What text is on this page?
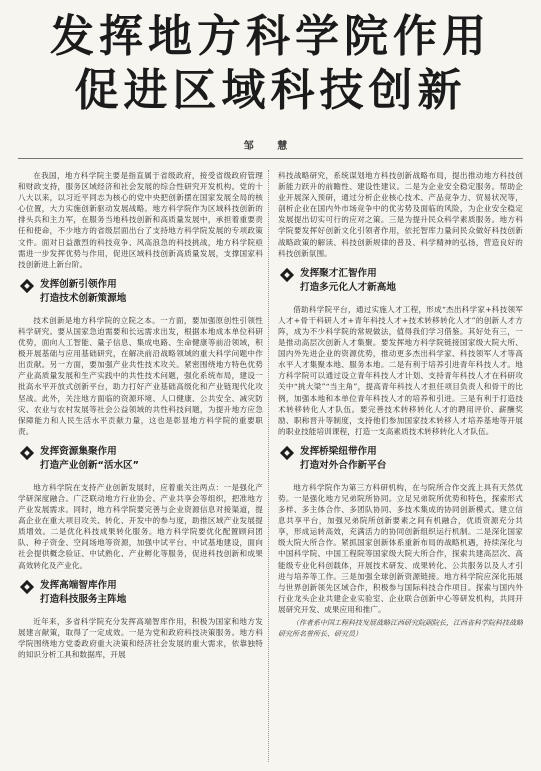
发挥地方科学院作用
促进区域科技创新
邹 慧

在我国，地方科学院主要是指直属于省级政府，接受省级政府管理和财政支持，服务区域经济和社会发展的综合性研究开发机构。党的十八大以来，以习近平同志为核心的党中央把创新摆在国家发展全局的核心位置，大力实施创新驱动发展战略。地方科学院作为区域科技创新的排头兵和主力军，在服务当地科技创新和高质量发展中，承担着重要责任和使命，不少地方的省级层面出台了支持地方科学院发展的专项政策文件。面对日益激烈的科技竞争、风高浪急的科技挑战，地方科学院亟需进一步发挥优势与作用，促进区域科技创新高质量发展，支撑国家科技创新进上新台阶。

发挥创新引领作用
打造技术创新策源地

技术创新是地方科学院的立院之本。一方面，要加强原创性引领性科学研究。要从国家急迫需要和长远需求出发，根据本地成本单位科研优势，面向人工智能、量子信息、集成电路、生命健康等前沿领域，积极开展基础与应用基础研究，在解决前沿战略领域的重大科学问题中作出贡献。另一方面，要加强产业共性技术攻关。紧密围绕地方特色优势产业高质量发展和生产实践中的共性技术问题，强化系统布局，建设一批高水平开放式创新平台，助力打好产业基础高级化和产业链现代化攻坚战。此外，关注地方面临的资源环境、人口健康、公共安全、减灾防灾、农业与农村发展等社会公益领域的共性科技问题，为提升地方应急保障能力和人民生活水平贡献力量，这也是彰显地方科学院的重要职责。

发挥资源集聚作用
打造产业创新“活水区”

地方科学院在支持产业创新发展时，应着重关注两点：一是强化产学研深度融合。广泛联动地方行业协会、产业共享会等组织，把准地方产业发展需求。同时，地方科学院要完善与企业资源信息对接渠道，提高企业在重大项目攻关、转化、开发中的参与度，助推区域产业发展提质增效。二是优化科技成果转化服务。地方科学院要优化配置顾问团队、种子资金、空间场地等资源，加强中试平台、中试基地建设，面向社会提供概念验证、中试熟化、产业孵化等服务，促进科技创新和成果高效转化及产业化。

发挥高端智库作用
打造科技服务主阵地

近年来，多省科学院充分发挥高端智库作用，积极为国家和地方发展建言献策，取得了一定成效。一是为党和政府科技决策服务。地方科学院围绕地方党委政府重大决策和经济社会发展的重大需求，依靠独特的知识分析工具和数据库，开展

科技战略研究，系统谋划地方科技创新战略布局，提出推动地方科技创新能力跃升的前瞻性、建设性建议。二是为企业安全稳定服务。帮助企业开展深入预研，通过分析企业核心技术、产品竞争力、贸易状况等，剖析企业在国内外市场竞争中的优劣势及面临的风险，为企业安全稳定发展提出切实可行的应对之策。三是为提升民众科学素质服务。地方科学院要发挥好创新文化引领者作用，依托智库力量问民众做好科技创新战略政策的解读、科技创新规律的普及、科学精神的弘扬，营造良好的科技创新氛围。

发挥聚才汇智作用
打造多元化人才新高地

借助科学院平台，通过实施人才工程，形成“杰出科学家+科技领军人才+骨干科研人才+青年科技人才+技术转移转化人才”的创新人才方阵，成为不少科学院的常规做法，值得我们学习借鉴。其好处有三，一是推动高层次创新人才集聚。要发挥地方科学院链接国家级大院大所、国内外先进企业的资源优势，推动更多杰出科学家、科技领军人才等高水平人才集聚本地、服务本地。二是有利于培养引进青年科技人才。地方科学院可以通过设立青年科技人才计划、支持青年科技人才在科研攻关中“挑大梁”“当主角”，提高青年科技人才担任项目负责人和骨干的比例，加强本地和本单位青年科技人才的培养和引进。三是有利于打造技术转移转化人才队伍。要完善技术转移转化人才的聘用评价、薪酬奖励、职称晋升等制度，支持他们参加国家技术转移人才培养基地等开展的职业技能培训课程，打造一支高素质技术转移转化人才队伍。

发挥桥梁纽带作用
打造对外合作新平台

地方科学院作为第三方科研机构，在与院所合作交流上具有天然优势。一是强化地方兄弟院所协同。立足兄弟院所优势和特色，探索形式多样、多主体合作、多团队协同、多技术集成的协同创新模式。建立信息共享平台，加强兄弟院所创新要素之间有机融合，优质资源充分共享，形成运转高效，充满活力的协同创新组织运行机制。二是深化国家级大院大所合作。紧抓国家创新体系重新布局的战略机遇，持续深化与中国科学院、中国工程院等国家级大院大所合作，探索共建高层次、高能级专业化科创载体，开展技术研发、成果转化、公共服务以及人才引进与培养等工作。三是加强全球创新资源链接。地方科学院应深化拓展与世界创新领先区域合作，积极参与国际科技合作项目。探索与国内外行业龙头企业共建企业实验室、企业联合创新中心等研发机构，共同开展研究开发、成果应用和推广。

（作者系中国工程科技发展战略江西研究院副院长，江西省科学院科技战略研究所名誉所长、研究员）
